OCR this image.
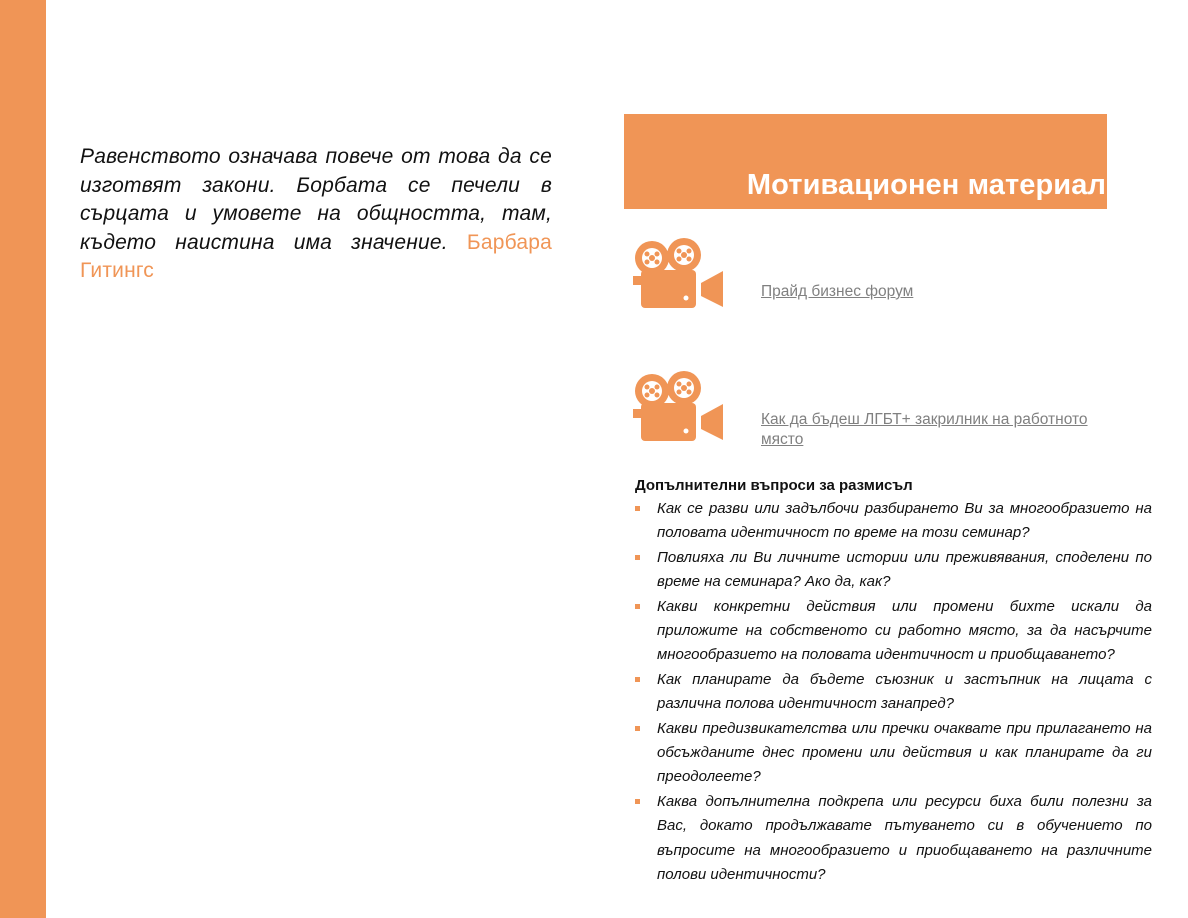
Равенството означава повече от това да се изготвят закони. Борбата се печели в сърцата и умовете на общността, там, където наистина има значение. Барбара Гитингс
Мотивационен материал
Прайд бизнес форум
Как да бъдеш ЛГБТ+ закрилник на работното място
Допълнителни въпроси за размисъл
Как се разви или задълбочи разбирането Ви за многообразието на половата идентичност по време на този семинар?
Повлияха ли Ви личните истории или преживявания, споделени по време на семинара? Ако да, как?
Какви конкретни действия или промени бихте искали да приложите на собственото си работно място, за да насърчите многообразието на половата идентичност и приобщаването?
Как планирате да бъдете съюзник и застъпник на лицата с различна полова идентичност занапред?
Какви предизвикателства или пречки очаквате при прилагането на обсъжданите днес промени или действия и как планирате да ги преодолеете?
Каква допълнителна подкрепа или ресурси биха били полезни за Вас, докато продължавате пътуването си в обучението по въпросите на многообразието и приобщаването на различните полови идентичности?
